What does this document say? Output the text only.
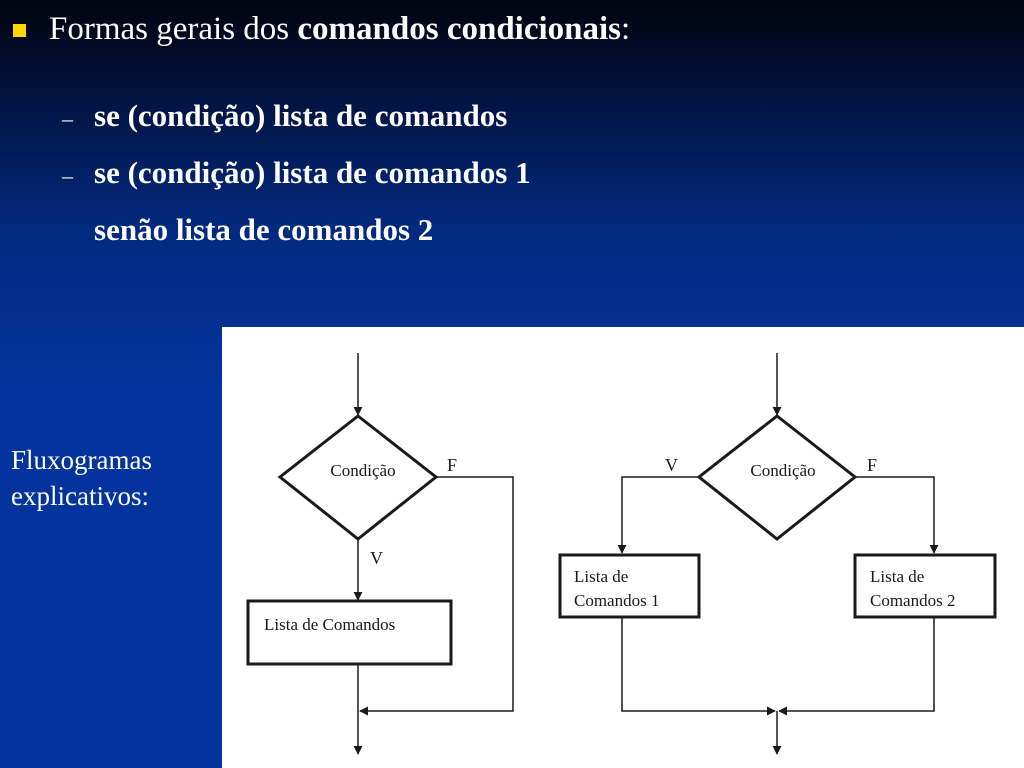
Formas gerais dos comandos condicionais:
– se (condição) lista de comandos
– se (condição) lista de comandos 1
senão lista de comandos 2
Fluxogramas
explicativos:
Condição	F
V
Lista de Comandos
Condição
V	F
Lista de
Comandos 1
Lista de
Comandos 2
